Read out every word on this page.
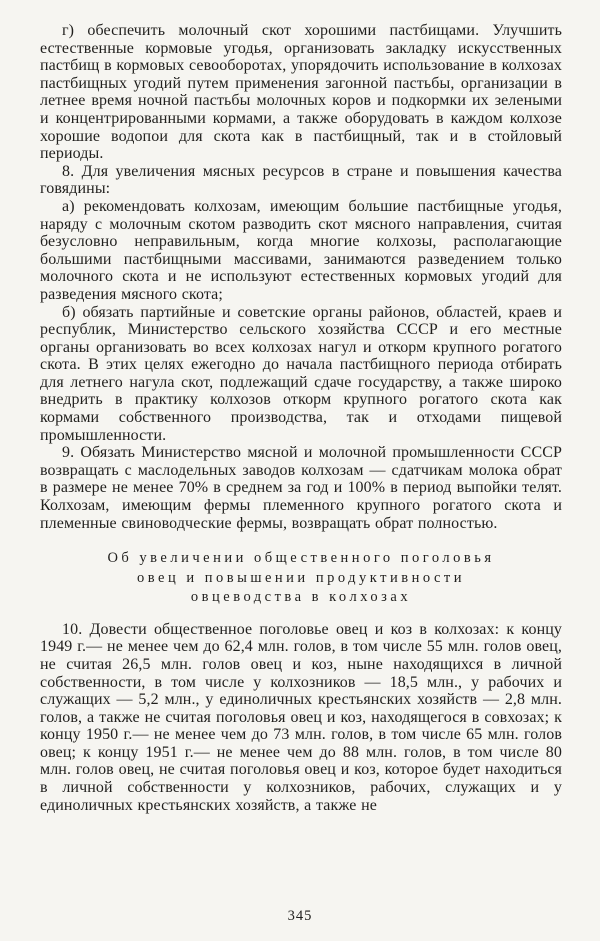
г) обеспечить молочный скот хорошими пастбищами. Улучшить естественные кормовые угодья, организовать закладку искусственных пастбищ в кормовых севооборотах, упорядочить использование в колхозах пастбищных угодий путем применения загонной пастьбы, организации в летнее время ночной пастьбы молочных коров и подкормки их зелеными и концентрированными кормами, а также оборудовать в каждом колхозе хорошие водопои для скота как в пастбищный, так и в стойловый периоды.

8. Для увеличения мясных ресурсов в стране и повышения качества говядины:

а) рекомендовать колхозам, имеющим большие пастбищные угодья, наряду с молочным скотом разводить скот мясного направления, считая безусловно неправильным, когда многие колхозы, располагающие большими пастбищными массивами, занимаются разведением только молочного скота и не используют естественных кормовых угодий для разведения мясного скота;

б) обязать партийные и советские органы районов, областей, краев и республик, Министерство сельского хозяйства СССР и его местные органы организовать во всех колхозах нагул и откорм крупного рогатого скота. В этих целях ежегодно до начала пастбищного периода отбирать для летнего нагула скот, подлежащий сдаче государству, а также широко внедрить в практику колхозов откорм крупного рогатого скота как кормами собственного производства, так и отходами пищевой промышленности.

9. Обязать Министерство мясной и молочной промышленности СССР возвращать с маслодельных заводов колхозам — сдатчикам молока обрат в размере не менее 70% в среднем за год и 100% в период выпойки телят. Колхозам, имеющим фермы племенного крупного рогатого скота и племенные свиноводческие фермы, возвращать обрат полностью.

Об увеличении общественного поголовья
овец и повышении продуктивности
овцеводства в колхозах

10. Довести общественное поголовье овец и коз в колхозах: к концу 1949 г.— не менее чем до 62,4 млн. голов, в том числе 55 млн. голов овец, не считая 26,5 млн. голов овец и коз, ныне находящихся в личной собственности, в том числе у колхозников — 18,5 млн., у рабочих и служащих — 5,2 млн., у единоличных крестьянских хозяйств — 2,8 млн. голов, а также не считая поголовья овец и коз, находящегося в совхозах; к концу 1950 г.— не менее чем до 73 млн. голов, в том числе 65 млн. голов овец; к концу 1951 г.— не менее чем до 88 млн. голов, в том числе 80 млн. голов овец, не считая поголовья овец и коз, которое будет находиться в личной собственности у колхозников, рабочих, служащих и у единоличных крестьянских хозяйств, а также не

345
